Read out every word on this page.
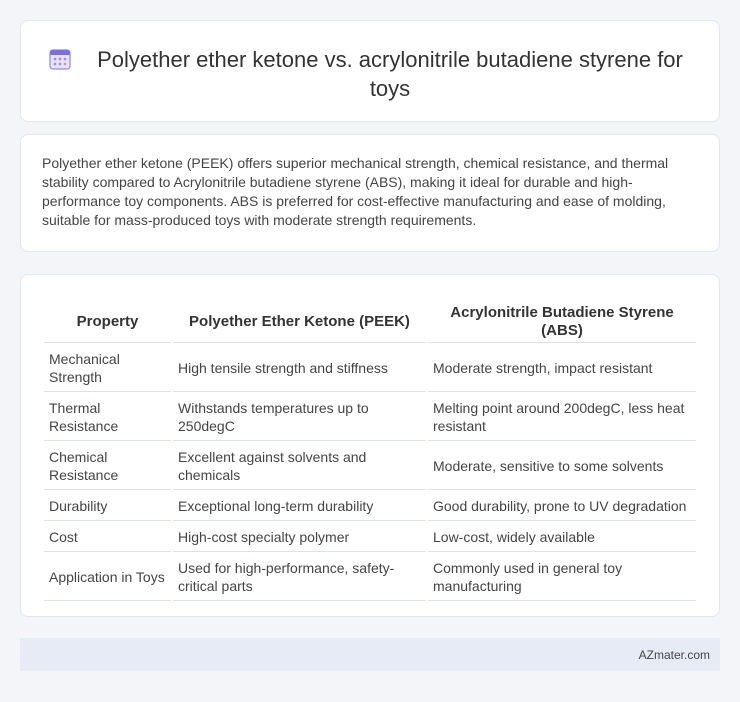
Polyether ether ketone vs. acrylonitrile butadiene styrene for toys

Polyether ether ketone (PEEK) offers superior mechanical strength, chemical resistance, and thermal stability compared to Acrylonitrile butadiene styrene (ABS), making it ideal for durable and high-performance toy components. ABS is preferred for cost-effective manufacturing and ease of molding, suitable for mass-produced toys with moderate strength requirements.

Property	Polyether Ether Ketone (PEEK)	Acrylonitrile Butadiene Styrene (ABS)
Mechanical Strength	High tensile strength and stiffness	Moderate strength, impact resistant
Thermal Resistance	Withstands temperatures up to 250degC	Melting point around 200degC, less heat resistant
Chemical Resistance	Excellent against solvents and chemicals	Moderate, sensitive to some solvents
Durability	Exceptional long-term durability	Good durability, prone to UV degradation
Cost	High-cost specialty polymer	Low-cost, widely available
Application in Toys	Used for high-performance, safety-critical parts	Commonly used in general toy manufacturing
AZmater.com
